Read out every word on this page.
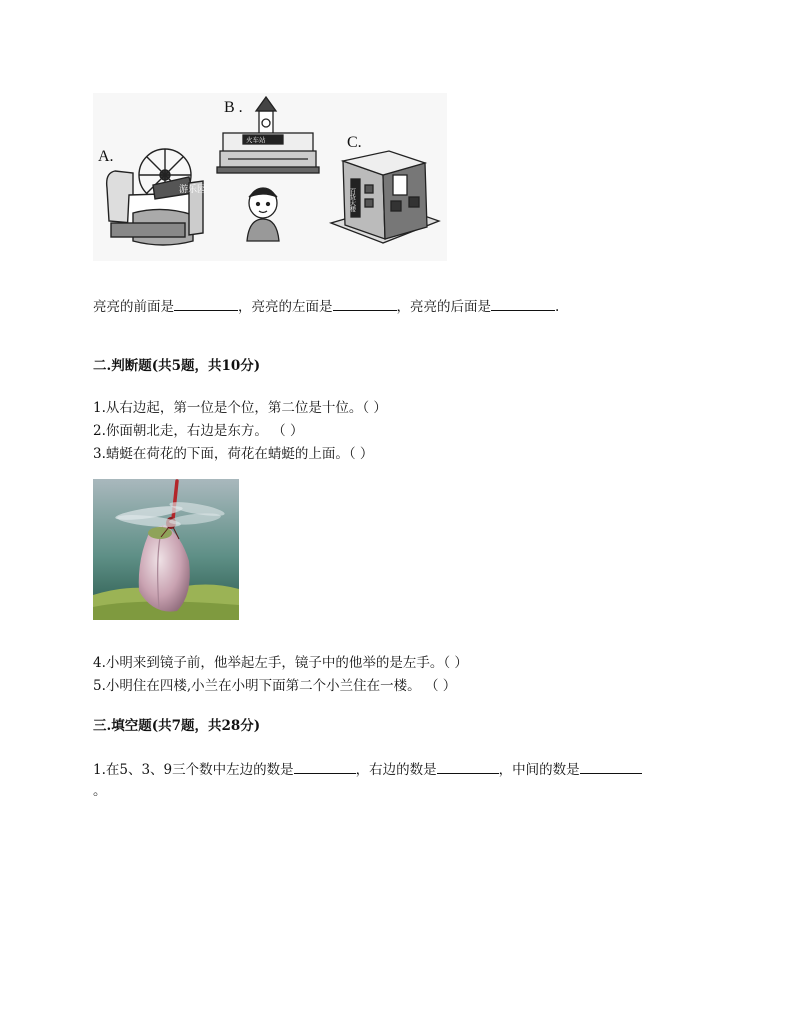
游乐园
火车站
百货大楼
A.
B .
C.
亮亮的前面是	，亮亮的左面是	，亮亮的后面是	.
二.判断题(共5题，共10分)
1.从右边起，第一位是个位，第二位是十位。（ ）
2.你面朝北走，右边是东方。 （ ）
3.蜻蜓在荷花的下面，荷花在蜻蜓的上面。（ ）
4.小明来到镜子前，他举起左手，镜子中的他举的是左手。（ ）
5.小明住在四楼,小兰在小明下面第二个小兰住在一楼。 （ ）
三.填空题(共7题，共28分)
1.在5、3、9三个数中左边的数是	，右边的数是	，中间的数是
。
